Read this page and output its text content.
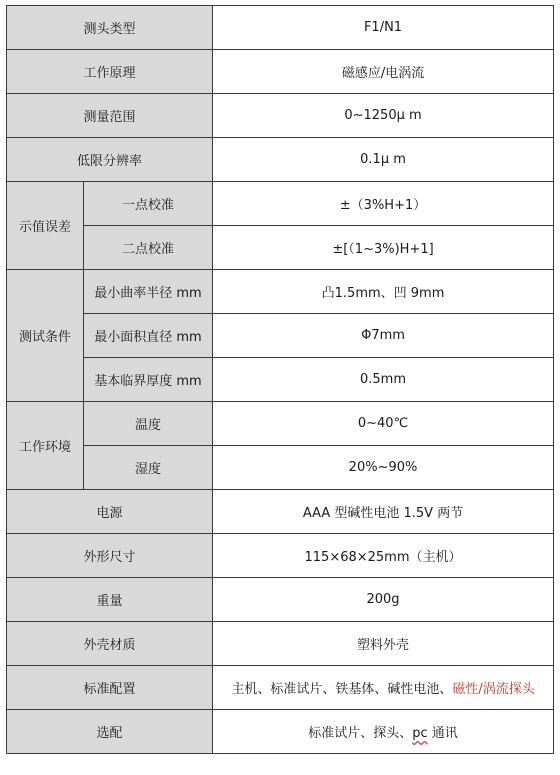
测头类型		F1/N1
工作原理		磁感应/电涡流
测量范围		0~1250μ m
低限分辨率		0.1μ m
示值误差	一点校准	±（3%H+1）
	二点校准	±[（1~3%)H+1]
测试条件	最小曲率半径 mm	凸1.5mm、凹 9mm
	最小面积直径 mm	Φ7mm
	基本临界厚度 mm	0.5mm
工作环境	温度	0~40℃
	湿度	20%~90%
电源		AAA 型碱性电池 1.5V 两节
外形尺寸		115×68×25mm（主机）
重量		200g
外壳材质		塑料外壳
标准配置		主机、标准试片、铁基体、碱性电池、磁性/涡流探头
选配		标准试片、探头、pc 通讯
